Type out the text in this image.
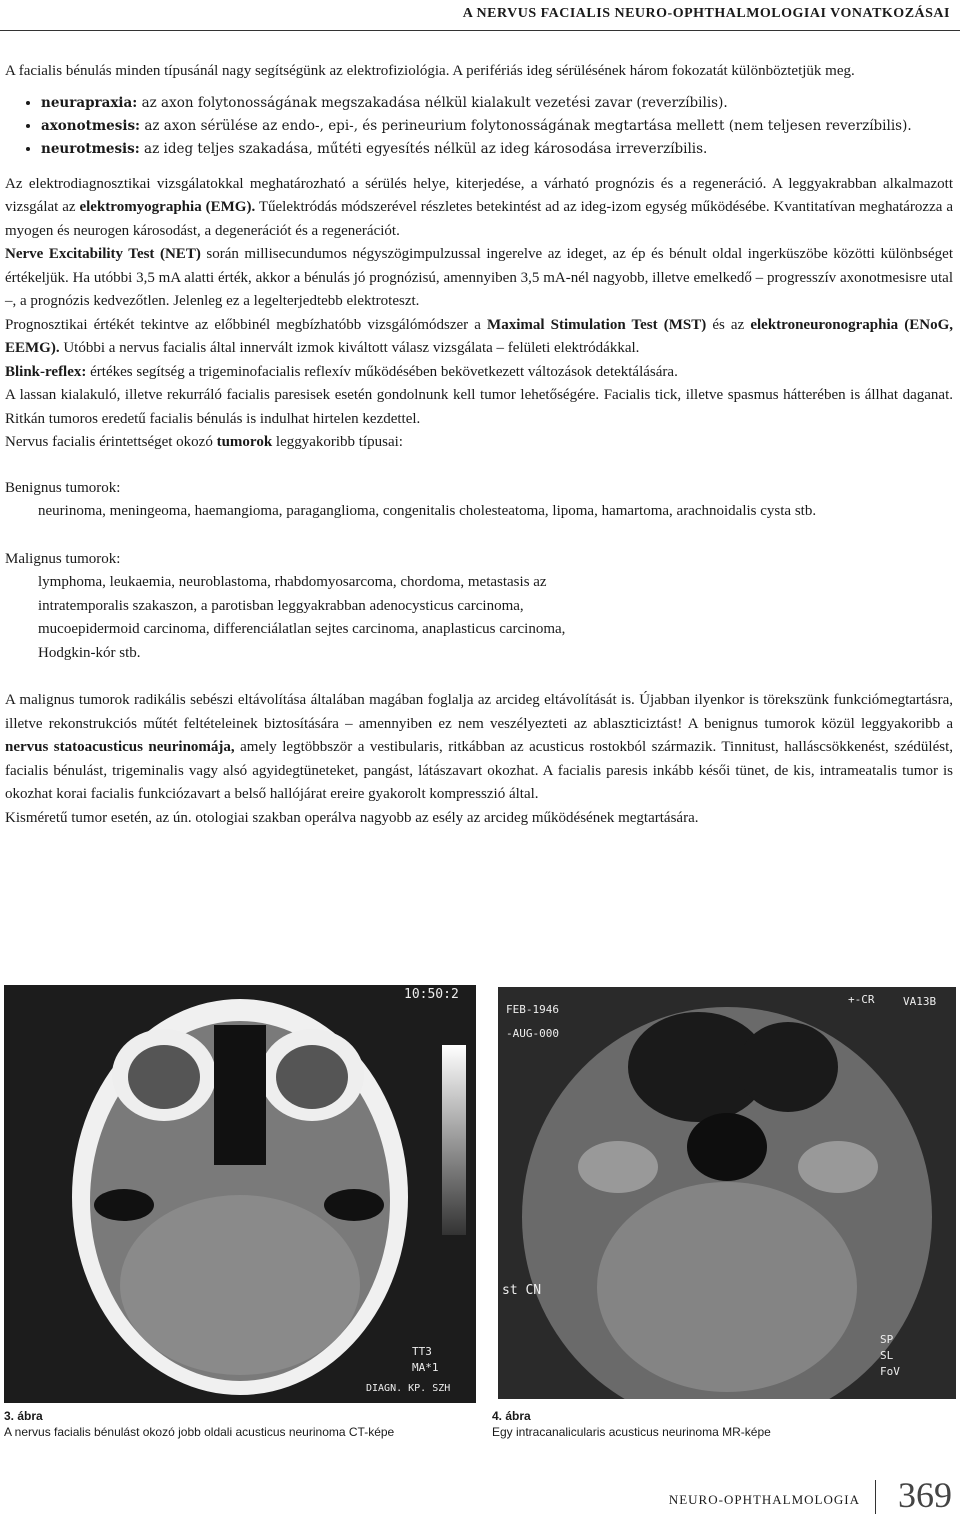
A NERVUS FACIALIS NEURO-OPHTHALMOLOGIAI VONATKOZÁSAI

A facialis bénulás minden típusánál nagy segítségünk az elektrofiziológia. A perifériás ideg sérülésének három fokozatát különböztetjük meg.

• neurapraxia: az axon folytonosságának megszakadása nélkül kialakult vezetési zavar (reverzíbilis).
• axonotmesis: az axon sérülése az endo-, epi-, és perineurium folytonosságának megtartása mellett (nem teljesen reverzíbilis).
• neurotmesis: az ideg teljes szakadása, műtéti egyesítés nélkül az ideg károsodása irreverzíbilis.

Az elektrodiagnosztikai vizsgálatokkal meghatározható a sérülés helye, kiterjedése, a várható prognózis és a regeneráció. A leggyakrabban alkalmazott vizsgálat az elektromyographia (EMG). Tűelektródás módszerével részletes betekintést ad az ideg-izom egység működésébe. Kvantitatívan meghatározza a myogen és neurogen károsodást, a degenerációt és a regenerációt.

Nerve Excitability Test (NET) során millisecundumos négyszögimpulzussal ingerelve az ideget, az ép és bénult oldal ingerküszöbe közötti különbséget értékeljük. Ha utóbbi 3,5 mA alatti érték, akkor a bénulás jó prognózisú, amennyiben 3,5 mA-nél nagyobb, illetve emelkedő – progresszív axonotmesisre utal –, a prognózis kedvezőtlen. Jelenleg ez a legelterjedtebb elektroteszt.

Prognosztikai értékét tekintve az előbbinél megbízhatóbb vizsgálómódszer a Maximal Stimulation Test (MST) és az elektroneuronographia (ENoG, EEMG). Utóbbi a nervus facialis által innervált izmok kiváltott válasz vizsgálata – felületi elektródákkal.

Blink-reflex: értékes segítség a trigeminofacialis reflexív működésében bekövetkezett változások detektálására.

A lassan kialakuló, illetve rekurráló facialis paresisek esetén gondolnunk kell tumor lehetőségére. Facialis tick, illetve spasmus hátterében is állhat daganat. Ritkán tumoros eredetű facialis bénulás is indulhat hirtelen kezdettel.

Nervus facialis érintettséget okozó tumorok leggyakoribb típusai:

Benignus tumorok:

neurinoma, meningeoma, haemangioma, paraganglioma, congenitalis cholesteatoma, lipoma, hamartoma, arachnoidalis cysta stb.

Malignus tumorok:

lymphoma, leukaemia, neuroblastoma, rhabdomyosarcoma, chordoma, metastasis az intratemporalis szakaszon, a parotisban leggyakrabban adenocysticus carcinoma, mucoepidermoid carcinoma, differenciálatlan sejtes carcinoma, anaplasticus carcinoma, Hodgkin-kór stb.

A malignus tumorok radikális sebészi eltávolítása általában magában foglalja az arcideg eltávolítását is. Újabban ilyenkor is törekszünk funkciómegtartásra, illetve rekonstrukciós műtét feltételeinek biztosítására – amennyiben ez nem veszélyezteti az ablaszticiztást! A benignus tumorok közül leggyakoribb a nervus statoacusticus neurinomája, amely legtöbbször a vestibularis, ritkábban az acusticus rostokból származik. Tinnitust, halláscsökkenést, szédülést, facialis bénulást, trigeminalis vagy alsó agyidegtüneteket, pangást, látászavart okozhat. A facialis paresis inkább késői tünet, de kis, intrameatalis tumor is okozhat korai facialis funkciózavart a belső hallójárat ereire gyakorolt kompresszió által.

Kisméretű tumor esetén, az ún. otologiai szakban operálva nagyobb az esély az arcideg működésének megtartására.

10:50:2
TT3
MA*1
DIAGN. KP. SZH
+-CR	VA13B
FEB-1946
-AUG-000
st CN
SP
SL
FoV
3. ábra
A nervus facialis bénulást okozó jobb oldali acusticus neurinoma CT-képe
4. ábra
Egy intracanalicularis acusticus neurinoma MR-képe
NEURO-OPHTHALMOLOGIA 369
